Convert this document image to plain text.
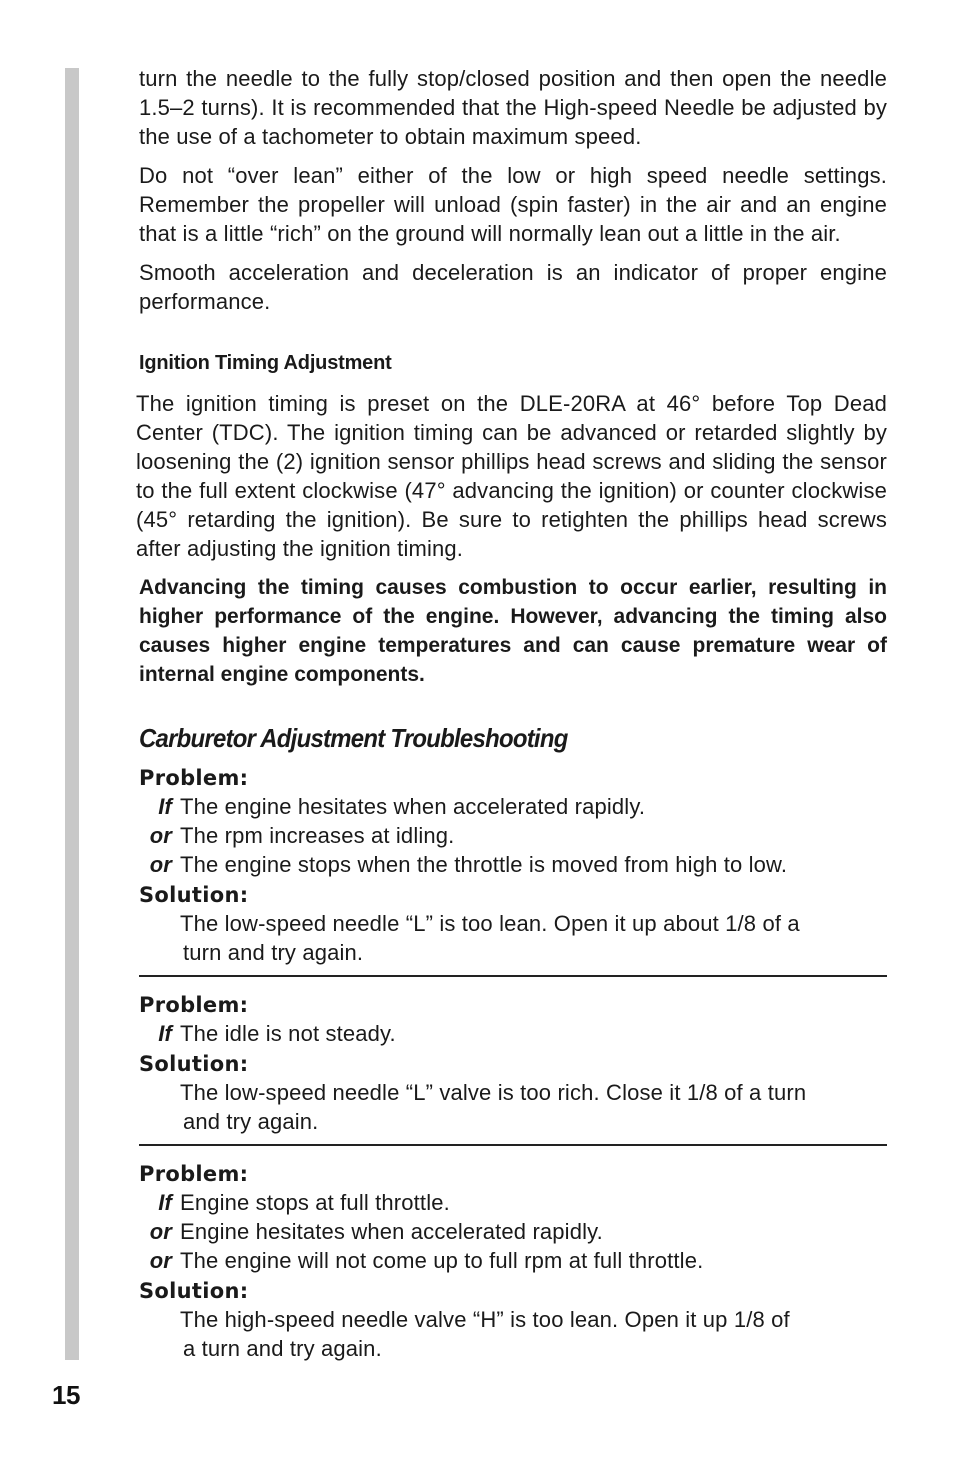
15

turn the needle to the fully stop/closed position and then open the needle 1.5–2 turns). It is recommended that the High-speed Needle be adjusted by the use of a tachometer to obtain maximum speed.

Do not “over lean” either of the low or high speed needle settings. Remember the propeller will unload (spin faster) in the air and an engine that is a little “rich” on the ground will normally lean out a little in the air.

Smooth acceleration and deceleration is an indicator of proper engine performance.

Ignition Timing Adjustment

The ignition timing is preset on the DLE-20RA at 46° before Top Dead Center (TDC). The ignition timing can be advanced or retarded slightly by loosening the (2) ignition sensor phillips head screws and sliding the sensor to the full extent clockwise (47° advancing the ignition) or counter clockwise (45° retarding the ignition). Be sure to retighten the phillips head screws after adjusting the ignition timing.

Advancing the timing causes combustion to occur earlier, resulting in higher performance of the engine. However, advancing the timing also causes higher engine temperatures and can cause premature wear of internal engine components.

Carburetor Adjustment Troubleshooting
Problem:
If The engine hesitates when accelerated rapidly.
or The rpm increases at idling.
or The engine stops when the throttle is moved from high to low.
Solution:
The low-speed needle “L” is too lean. Open it up about 1/8 of a
turn and try again.
Problem:
If The idle is not steady.
Solution:
The low-speed needle “L” valve is too rich. Close it 1/8 of a turn
and try again.
Problem:
If Engine stops at full throttle.
or Engine hesitates when accelerated rapidly.
or The engine will not come up to full rpm at full throttle.
Solution:
The high-speed needle valve “H” is too lean. Open it up 1/8 of
a turn and try again.
